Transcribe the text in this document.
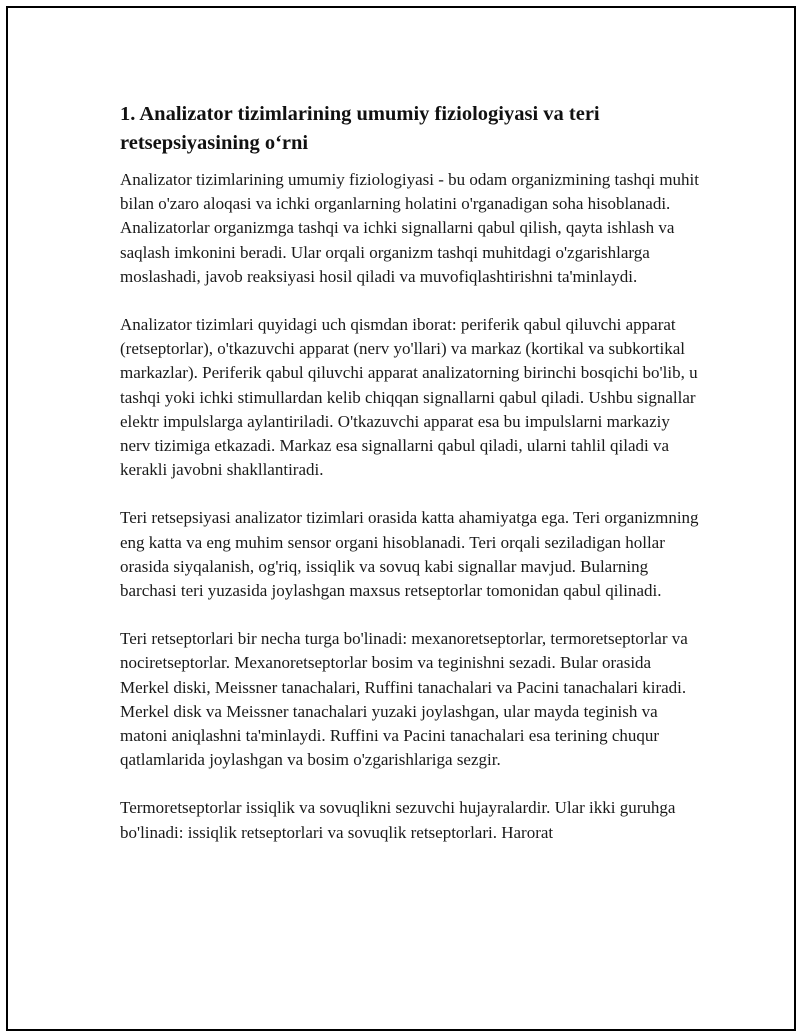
1. Analizator tizimlarining umumiy fiziologiyasi va teri retsepsiyasining o‘rni

Analizator tizimlarining umumiy fiziologiyasi - bu odam organizmining tashqi muhit bilan o'zaro aloqasi va ichki organlarning holatini o'rganadigan soha hisoblanadi. Analizatorlar organizmga tashqi va ichki signallarni qabul qilish, qayta ishlash va saqlash imkonini beradi. Ular orqali organizm tashqi muhitdagi o'zgarishlarga moslashadi, javob reaksiyasi hosil qiladi va muvofiqlashtirishni ta'minlaydi.

Analizator tizimlari quyidagi uch qismdan iborat: periferik qabul qiluvchi apparat (retseptorlar), o'tkazuvchi apparat (nerv yo'llari) va markaz (kortikal va subkortikal markazlar). Periferik qabul qiluvchi apparat analizatorning birinchi bosqichi bo'lib, u tashqi yoki ichki stimullardan kelib chiqqan signallarni qabul qiladi. Ushbu signallar elektr impulslarga aylantiriladi. O'tkazuvchi apparat esa bu impulslarni markaziy nerv tizimiga etkazadi. Markaz esa signallarni qabul qiladi, ularni tahlil qiladi va kerakli javobni shakllantiradi.

Teri retsepsiyasi analizator tizimlari orasida katta ahamiyatga ega. Teri organizmning eng katta va eng muhim sensor organi hisoblanadi. Teri orqali seziladigan hollar orasida siyqalanish, og'riq, issiqlik va sovuq kabi signallar mavjud. Bularning barchasi teri yuzasida joylashgan maxsus retseptorlar tomonidan qabul qilinadi.

Teri retseptorlari bir necha turga bo'linadi: mexanoretseptorlar, termoretseptorlar va nociretseptorlar. Mexanoretseptorlar bosim va teginishni sezadi. Bular orasida Merkel diski, Meissner tanachalari, Ruffini tanachalari va Pacini tanachalari kiradi. Merkel disk va Meissner tanachalari yuzaki joylashgan, ular mayda teginish va matoni aniqlashni ta'minlaydi. Ruffini va Pacini tanachalari esa terining chuqur qatlamlarida joylashgan va bosim o'zgarishlariga sezgir.

Termoretseptorlar issiqlik va sovuqlikni sezuvchi hujayralardir. Ular ikki guruhga bo'linadi: issiqlik retseptorlari va sovuqlik retseptorlari. Harorat
